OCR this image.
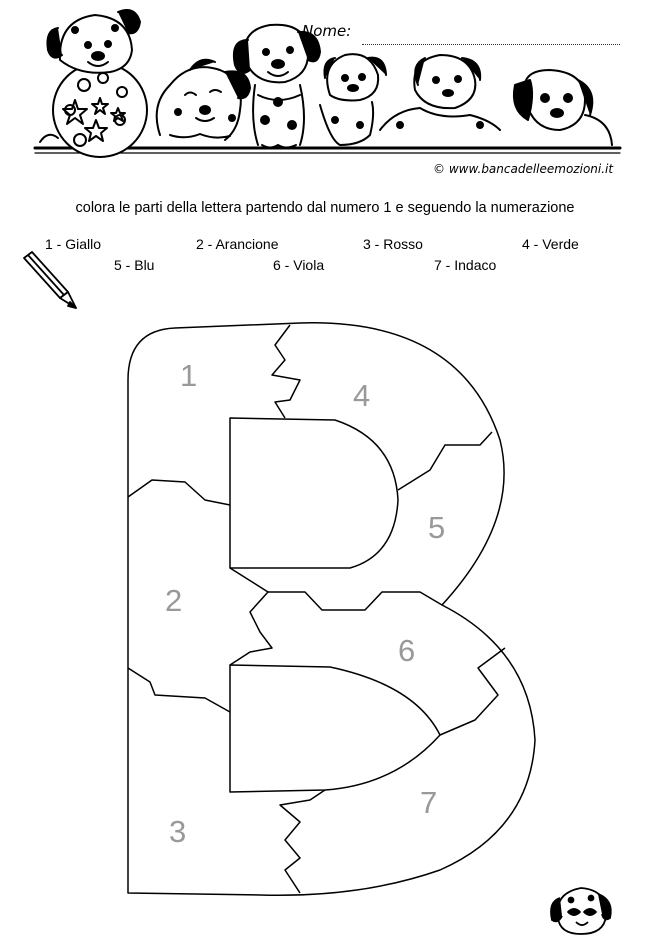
Nome:
© www.bancadelleemozioni.it
colora le parti della lettera partendo dal numero 1 e seguendo la numerazione
1 - Giallo	2 - Arancione	3 - Rosso	4 - Verde
5 - Blu	6 - Viola	7 - Indaco
1
4
5
2
6
7
3
